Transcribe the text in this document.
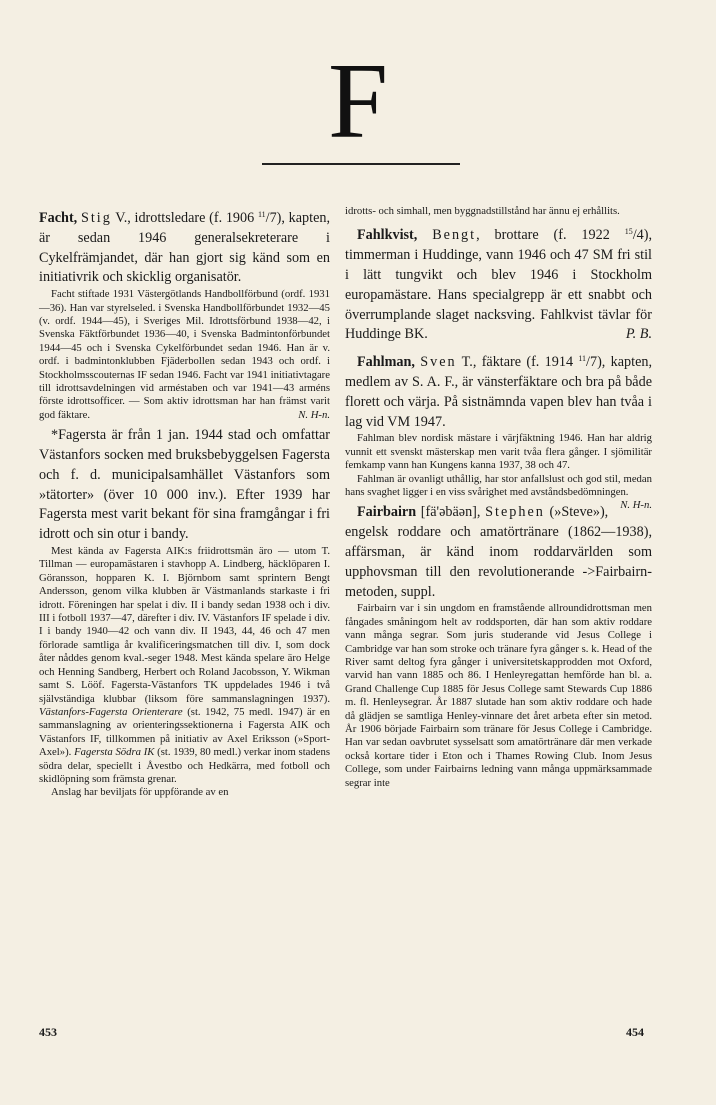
F

Facht, Stig V., idrottsledare (f. 1906 $^{11}$/7), kapten, är sedan 1946 generalsekreterare i Cykelfrämjandet, där han gjort sig känd som en initiativrik och skicklig organisatör.

Facht stiftade 1931 Västergötlands Handbollförbund (ordf. 1931—36). Han var styrelseled. i Svenska Handbollförbundet 1932—45 (v. ordf. 1944—45), i Sveriges Mil. Idrottsförbund 1938—42, i Svenska Fäktförbundet 1936—40, i Svenska Badmintonförbundet 1944—45 och i Svenska Cykelförbundet sedan 1946. Han är v. ordf. i badmintonklubben Fjäderbollen sedan 1943 och ordf. i Stockholmsscouternas IF sedan 1946. Facht var 1941 initiativtagare till idrottsavdelningen vid arméstaben och var 1941—43 arméns förste idrottsofficer. — Som aktiv idrottsman har han främst varit god fäktare.	N. H-n.

*Fagersta är från 1 jan. 1944 stad och omfattar Västanfors socken med bruksbebyggelsen Fagersta och f. d. municipalsamhället Västanfors som »tätorter» (över 10 000 inv.). Efter 1939 har Fagersta mest varit bekant för sina framgångar i fri idrott och sin otur i bandy.

Mest kända av Fagersta AIK:s friidrottsmän äro — utom T. Tillman — europamästaren i stavhopp A. Lindberg, häcklöparen I. Göransson, hopparen K. I. Björnbom samt sprintern Bengt Andersson, genom vilka klubben är Västmanlands starkaste i fri idrott. Föreningen har spelat i div. II i bandy sedan 1938 och i div. III i fotboll 1937—47, därefter i div. IV. Västanfors IF spelade i div. I i bandy 1940—42 och vann div. II 1943, 44, 46 och 47 men förlorade samtliga år kvalificeringsmatchen till div. I, som dock åter nåddes genom kval.-seger 1948. Mest kända spelare äro Helge och Henning Sandberg, Herbert och Roland Jacobsson, Y. Wikman samt S. Lööf. Fagersta-Västanfors TK uppdelades 1946 i två självständiga klubbar (liksom före sammanslagningen 1937). Västanfors-Fagersta Orienterare (st. 1942, 75 medl. 1947) är en sammanslagning av orienteringssektionerna i Fagersta AIK och Västanfors IF, tillkommen på initiativ av Axel Eriksson (»Sport-Axel»). Fagersta Södra IK (st. 1939, 80 medl.) verkar inom stadens södra delar, speciellt i Åvestbo och Hedkärra, med fotboll och skidlöpning som främsta grenar.

Anslag har beviljats för uppförande av en

idrotts- och simhall, men byggnadstillstånd har ännu ej erhållits.

Fahlkvist, Bengt, brottare (f. 1922 $^{15}$/4), timmerman i Huddinge, vann 1946 och 47 SM fri stil i lätt tungvikt och blev 1946 i Stockholm europamästare. Hans specialgrepp är ett snabbt och överrumplande slaget nacksving. Fahlkvist tävlar för Huddinge BK.	P. B.

Fahlman, Sven T., fäktare (f. 1914 $^{11}$/7), kapten, medlem av S. A. F., är vänsterfäktare och bra på både florett och värja. På sistnämnda vapen blev han tvåa i lag vid VM 1947.

Fahlman blev nordisk mästare i värjfäktning 1946. Han har aldrig vunnit ett svenskt mästerskap men varit tvåa flera gånger. I sjömilitär femkamp vann han Kungens kanna 1937, 38 och 47.

Fahlman är ovanligt uthållig, har stor anfallslust och god stil, medan hans svaghet ligger i en viss svårighet med avståndsbedömningen.
N. H-n.

Fairbairn [fä'əbäən], Stephen (»Steve»), engelsk roddare och amatörtränare (1862—1938), affärsman, är känd inom roddarvärlden som upphovsman till den revolutionerande ->Fairbairn-metoden, suppl.

Fairbairn var i sin ungdom en framstående allroundidrottsman men fångades småningom helt av roddsporten, där han som aktiv roddare vann många segrar. Som juris studerande vid Jesus College i Cambridge var han som stroke och tränare fyra gånger s. k. Head of the River samt deltog fyra gånger i universitetskapprodden mot Oxford, varvid han vann 1885 och 86. I Henleyregattan hemförde han bl. a. Grand Challenge Cup 1885 för Jesus College samt Stewards Cup 1886 m. fl. Henleysegrar. År 1887 slutade han som aktiv roddare och hade då glädjen se samtliga Henley-vinnare det året arbeta efter sin metod. År 1906 började Fairbairn som tränare för Jesus College i Cambridge. Han var sedan oavbrutet sysselsatt som amatörtränare där men verkade också kortare tider i Eton och i Thames Rowing Club. Inom Jesus College, som under Fairbairns ledning vann många uppmärksammade segrar inte

453	454
